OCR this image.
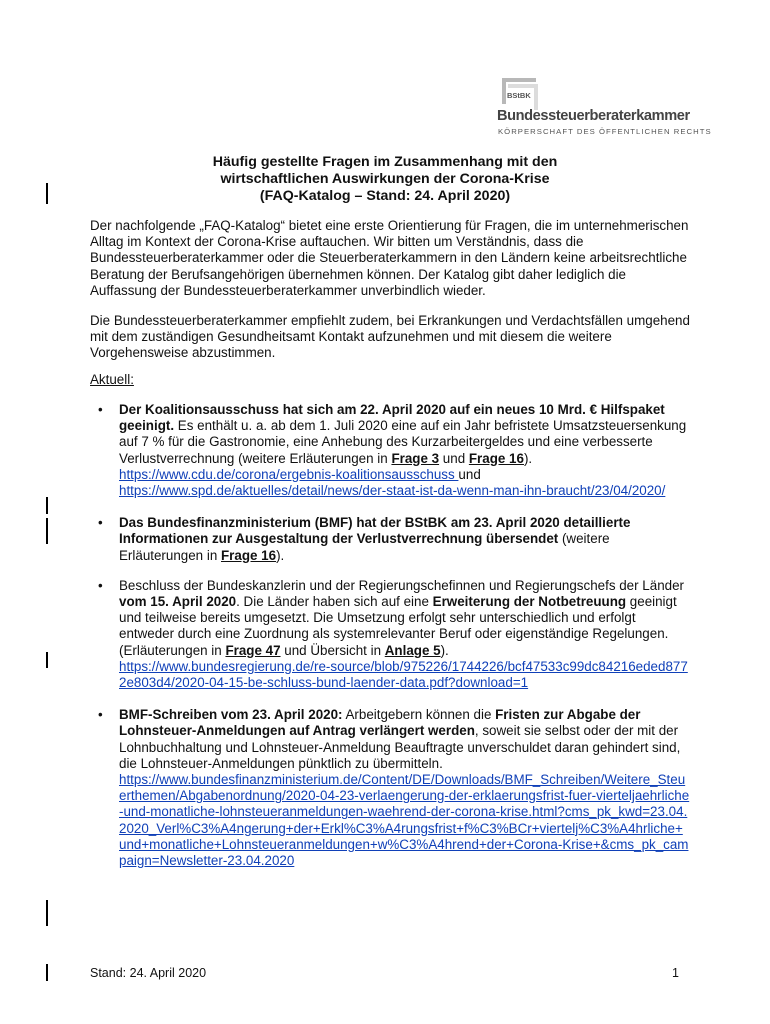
BStBK
Bundessteuerberaterkammer
KÖRPERSCHAFT DES ÖFFENTLICHEN RECHTS
Häufig gestellte Fragen im Zusammenhang mit den
wirtschaftlichen Auswirkungen der Corona-Krise
(FAQ-Katalog – Stand: 24. April 2020)

Der nachfolgende „FAQ-Katalog“ bietet eine erste Orientierung für Fragen, die im unternehmerischen Alltag im Kontext der Corona-Krise auftauchen. Wir bitten um Verständnis, dass die Bundessteuerberaterkammer oder die Steuerberaterkammern in den Ländern keine arbeitsrechtliche Beratung der Berufsangehörigen übernehmen können. Der Katalog gibt daher lediglich die Auffassung der Bundessteuerberaterkammer unverbindlich wieder.

Die Bundessteuerberaterkammer empfiehlt zudem, bei Erkrankungen und Verdachtsfällen umgehend mit dem zuständigen Gesundheitsamt Kontakt aufzunehmen und mit diesem die weitere Vorgehensweise abzustimmen.

Aktuell:
• Der Koalitionsausschuss hat sich am 22. April 2020 auf ein neues 10 Mrd. € Hilfspaket geeinigt. Es enthält u. a. ab dem 1. Juli 2020 eine auf ein Jahr befristete Umsatzsteuersenkung auf 7 % für die Gastronomie, eine Anhebung des Kurzarbeitergeldes und eine verbesserte Verlustverrechnung (weitere Erläuterungen in Frage 3 und Frage 16).

https://www.cdu.de/corona/ergebnis-koalitionsausschuss und

https://www.spd.de/aktuelles/detail/news/der-staat-ist-da-wenn-man-ihn-braucht/23/04/2020/

• Das Bundesfinanzministerium (BMF) hat der BStBK am 23. April 2020 detaillierte Informationen zur Ausgestaltung der Verlustverrechnung übersendet (weitere Erläuterungen in Frage 16).

• Beschluss der Bundeskanzlerin und der Regierungschefinnen und Regierungschefs der Länder vom 15. April 2020. Die Länder haben sich auf eine Erweiterung der Notbetreuung geeinigt und teilweise bereits umgesetzt. Die Umsetzung erfolgt sehr unterschiedlich und erfolgt entweder durch eine Zuordnung als systemrelevanter Beruf oder eigenständige Regelungen. (Erläuterungen in Frage 47 und Übersicht in Anlage 5).

https://www.bundesregierung.de/re-source/blob/975226/1744226/bcf47533c99dc84216eded8772e803d4/2020-04-15-be-schluss-bund-laender-data.pdf?download=1

• BMF-Schreiben vom 23. April 2020: Arbeitgebern können die Fristen zur Abgabe der Lohnsteuer-Anmeldungen auf Antrag verlängert werden, soweit sie selbst oder der mit der Lohnbuchhaltung und Lohnsteuer-Anmeldung Beauftragte unverschuldet daran gehindert sind, die Lohnsteuer-Anmeldungen pünktlich zu übermitteln.

https://www.bundesfinanzministerium.de/Content/DE/Downloads/BMF_Schreiben/Weitere_Steuerthemen/Abgabenordnung/2020-04-23-verlaengerung-der-erklaerungsfrist-fuer-vierteljaehrliche-und-monatliche-lohnsteueranmeldungen-waehrend-der-corona-krise.html?cms_pk_kwd=23.04.2020_Verl%C3%A4ngerung+der+Erkl%C3%A4rungsfrist+f%C3%BCr+viertelj%C3%A4hrliche+und+monatliche+Lohnsteueranmeldungen+w%C3%A4hrend+der+Corona-Krise+&cms_pk_campaign=Newsletter-23.04.2020

Stand: 24. April 2020	1
